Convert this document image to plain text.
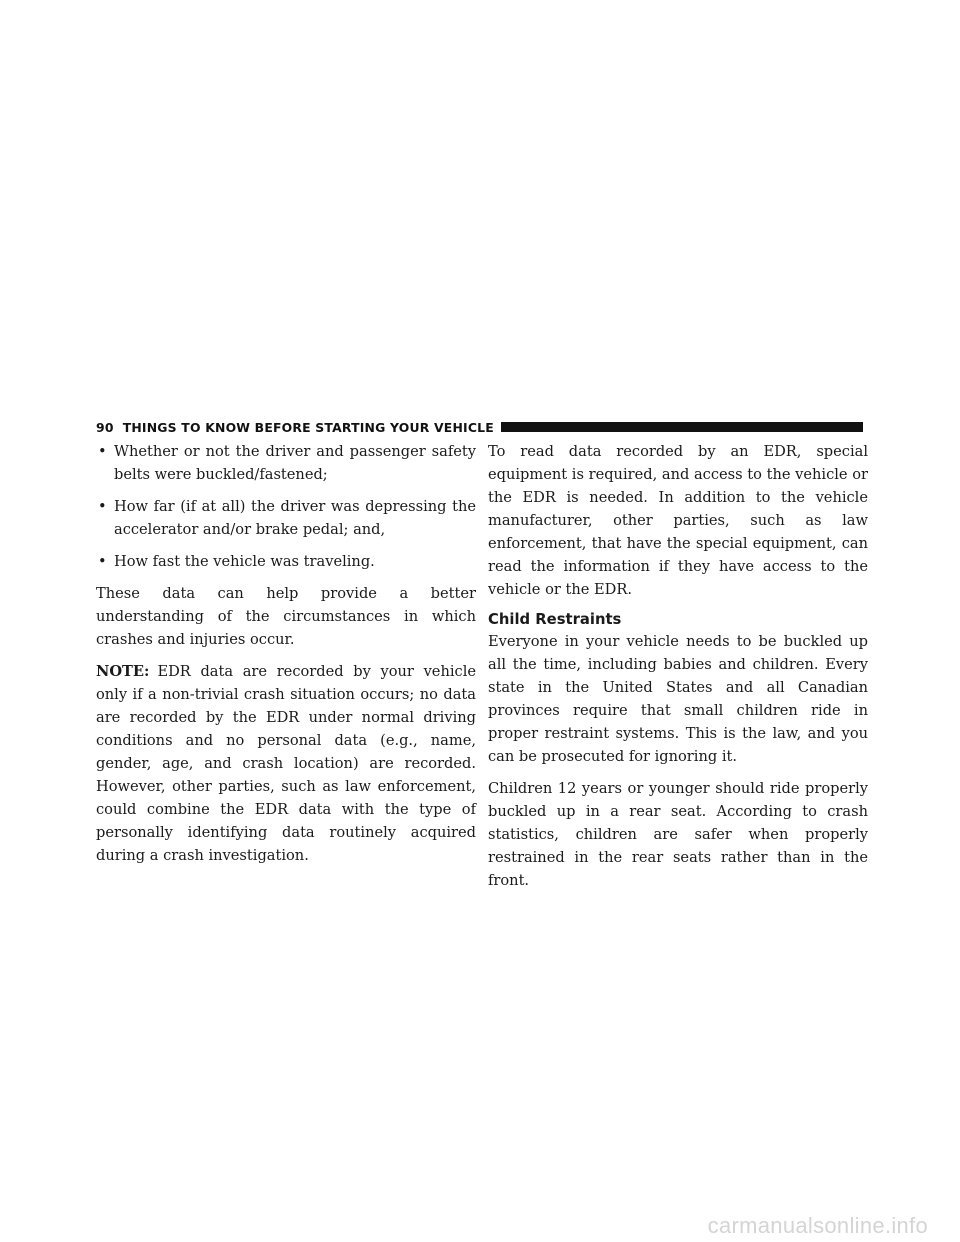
90 THINGS TO KNOW BEFORE STARTING YOUR VEHICLE
• Whether or not the driver and passenger safety belts were buckled/fastened;
• How far (if at all) the driver was depressing the accelerator and/or brake pedal; and,
• How fast the vehicle was traveling.

These data can help provide a better understanding of the circumstances in which crashes and injuries occur.

NOTE: EDR data are recorded by your vehicle only if a non-trivial crash situation occurs; no data are recorded by the EDR under normal driving conditions and no personal data (e.g., name, gender, age, and crash location) are recorded. However, other parties, such as law enforcement, could combine the EDR data with the type of personally identifying data routinely acquired during a crash investigation.

To read data recorded by an EDR, special equipment is required, and access to the vehicle or the EDR is needed. In addition to the vehicle manufacturer, other parties, such as law enforcement, that have the special equipment, can read the information if they have access to the vehicle or the EDR.

Child Restraints

Everyone in your vehicle needs to be buckled up all the time, including babies and children. Every state in the United States and all Canadian provinces require that small children ride in proper restraint systems. This is the law, and you can be prosecuted for ignoring it.

Children 12 years or younger should ride properly buckled up in a rear seat. According to crash statistics, children are safer when properly restrained in the rear seats rather than in the front.

carmanualsonline.info
